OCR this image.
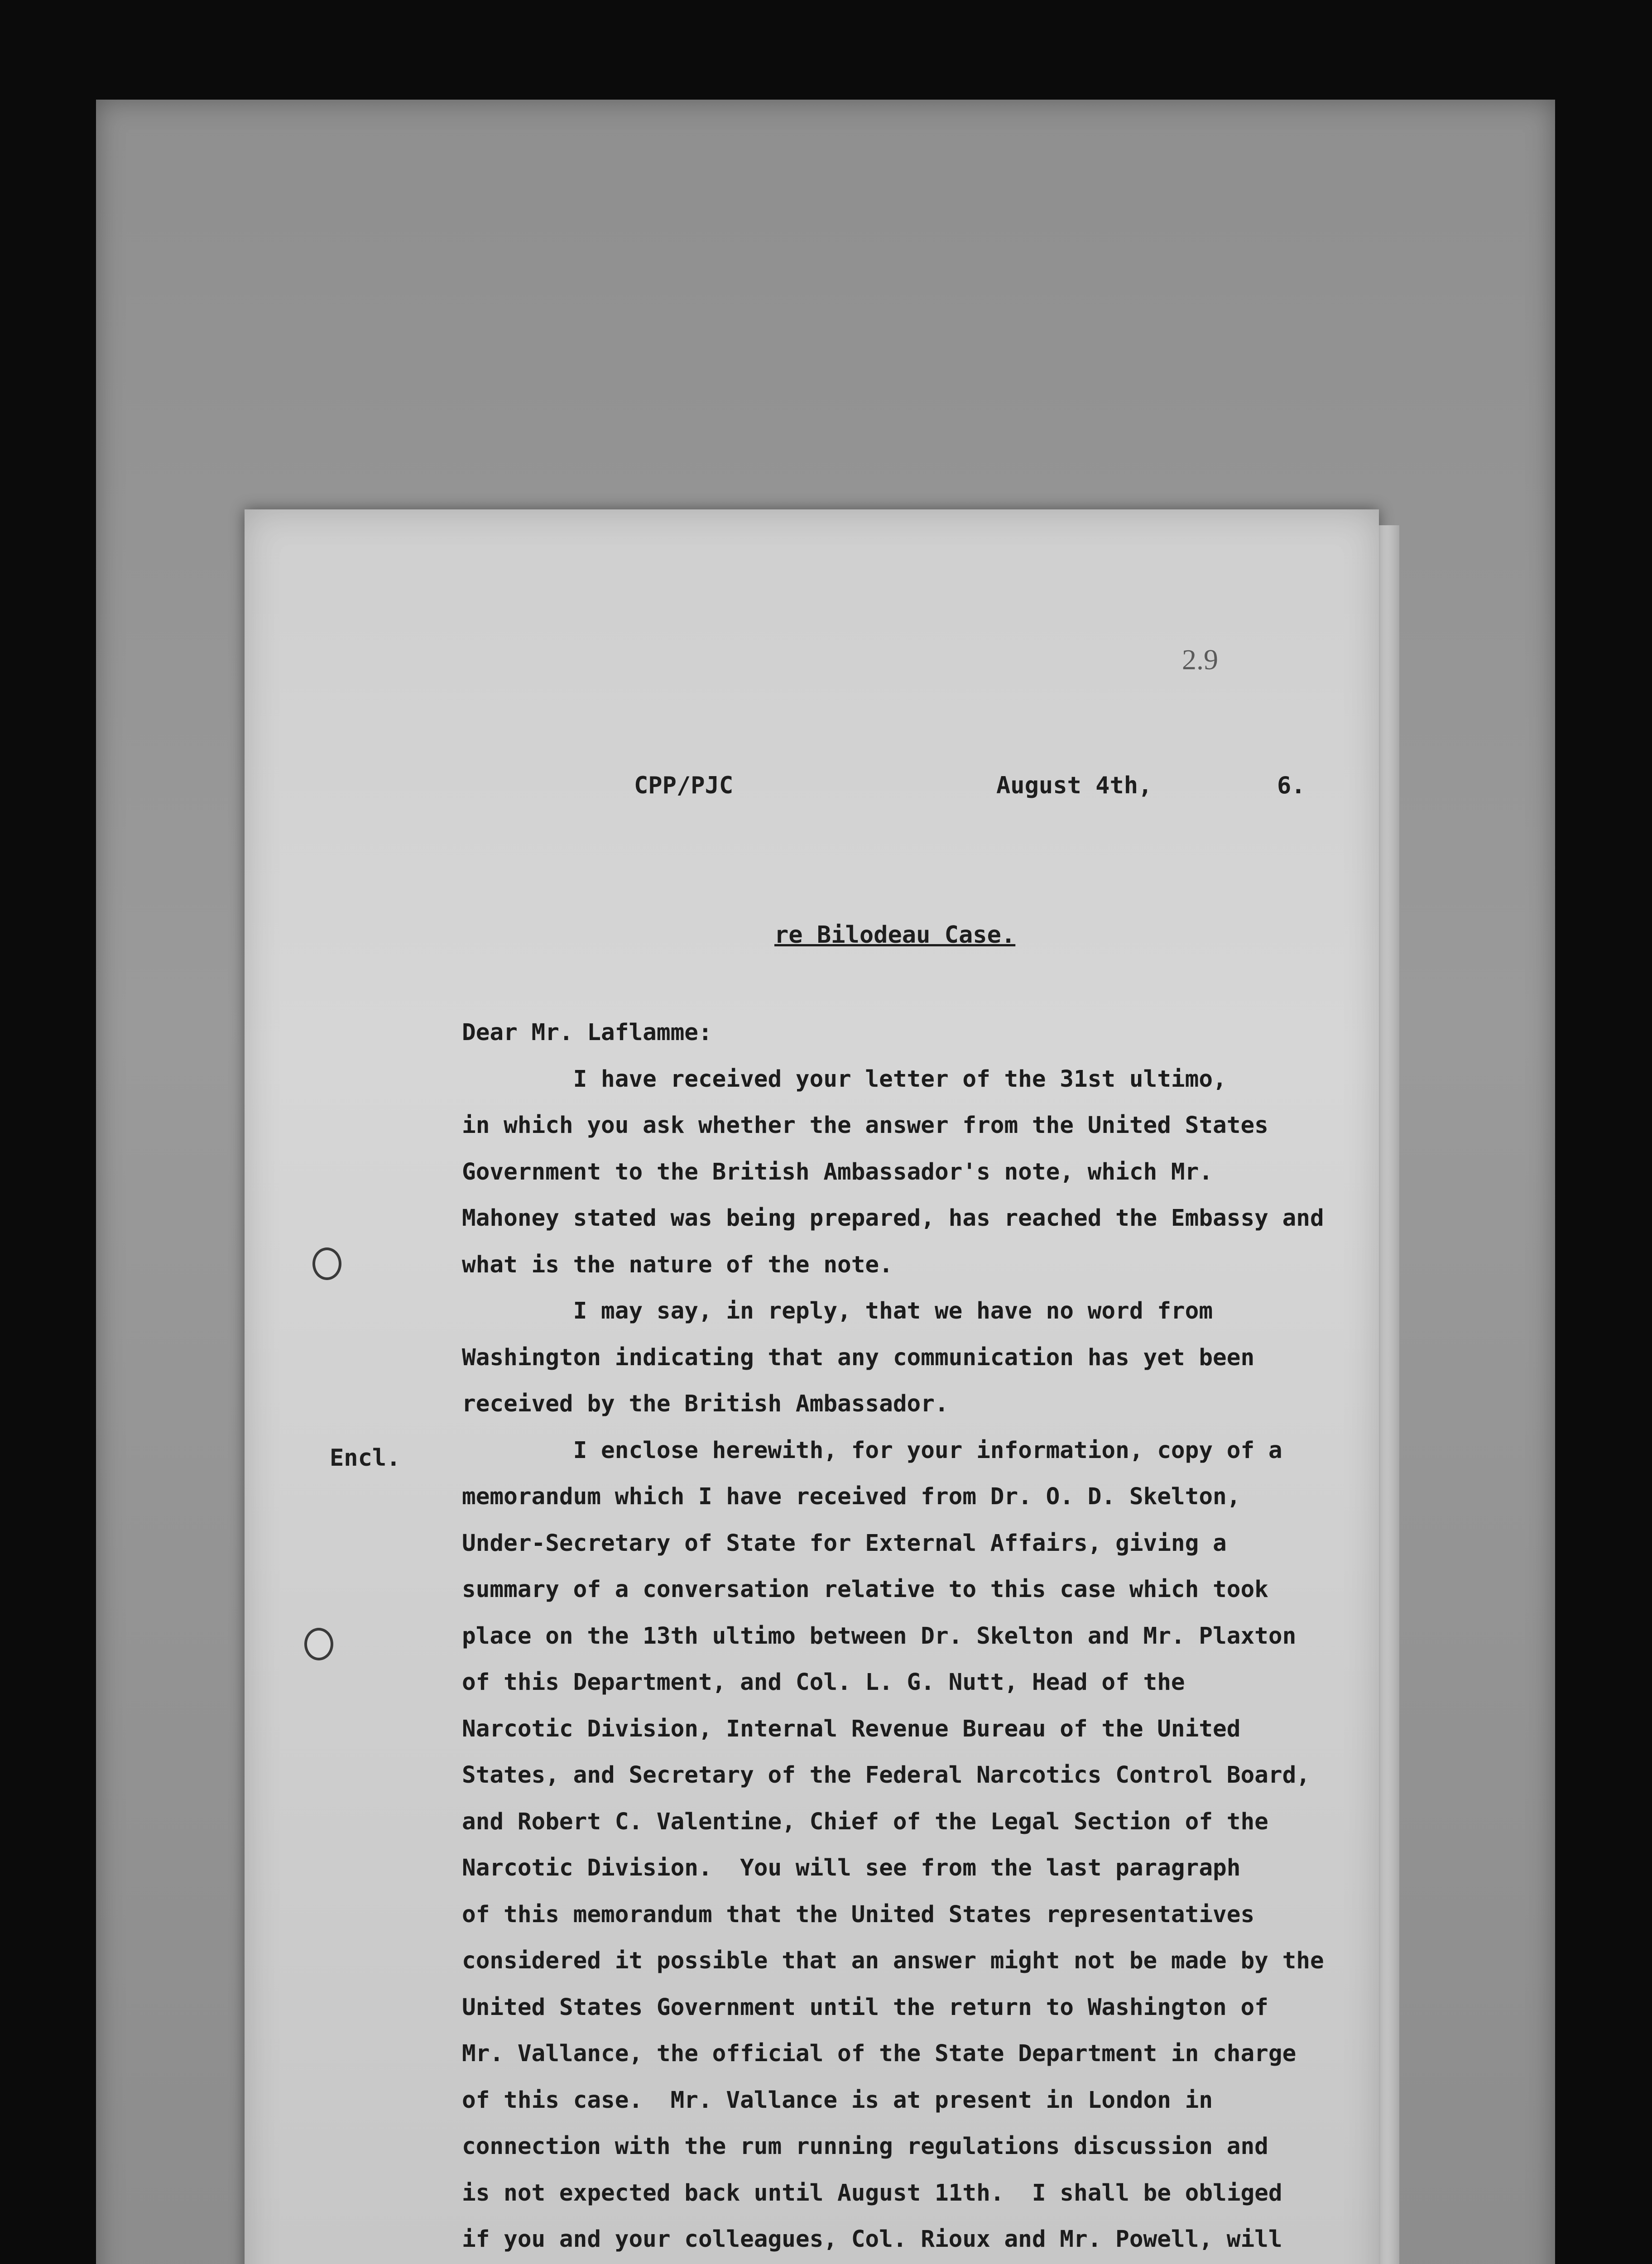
2.9
CPP/PJC	August 4th,	6.
re Bilodeau Case.
Encl.
Dear Mr. Laflamme:
I have received your letter of the 31st ultimo,
in which you ask whether the answer from the United States
Government to the British Ambassador's note, which Mr.
Mahoney stated was being prepared, has reached the Embassy and
what is the nature of the note.
I may say, in reply, that we have no word from
Washington indicating that any communication has yet been
received by the British Ambassador.
I enclose herewith, for your information, copy of a
memorandum which I have received from Dr. O. D. Skelton,
Under-Secretary of State for External Affairs, giving a
summary of a conversation relative to this case which took
place on the 13th ultimo between Dr. Skelton and Mr. Plaxton
of this Department, and Col. L. G. Nutt, Head of the
Narcotic Division, Internal Revenue Bureau of the United
States, and Secretary of the Federal Narcotics Control Board,
and Robert C. Valentine, Chief of the Legal Section of the
Narcotic Division.  You will see from the last paragraph
of this memorandum that the United States representatives
considered it possible that an answer might not be made by the
United States Government until the return to Washington of
Mr. Vallance, the official of the State Department in charge
of this case.  Mr. Vallance is at present in London in
connection with the rum running regulations discussion and
is not expected back until August 11th.  I shall be obliged
if you and your colleagues, Col. Rioux and Mr. Powell, will
